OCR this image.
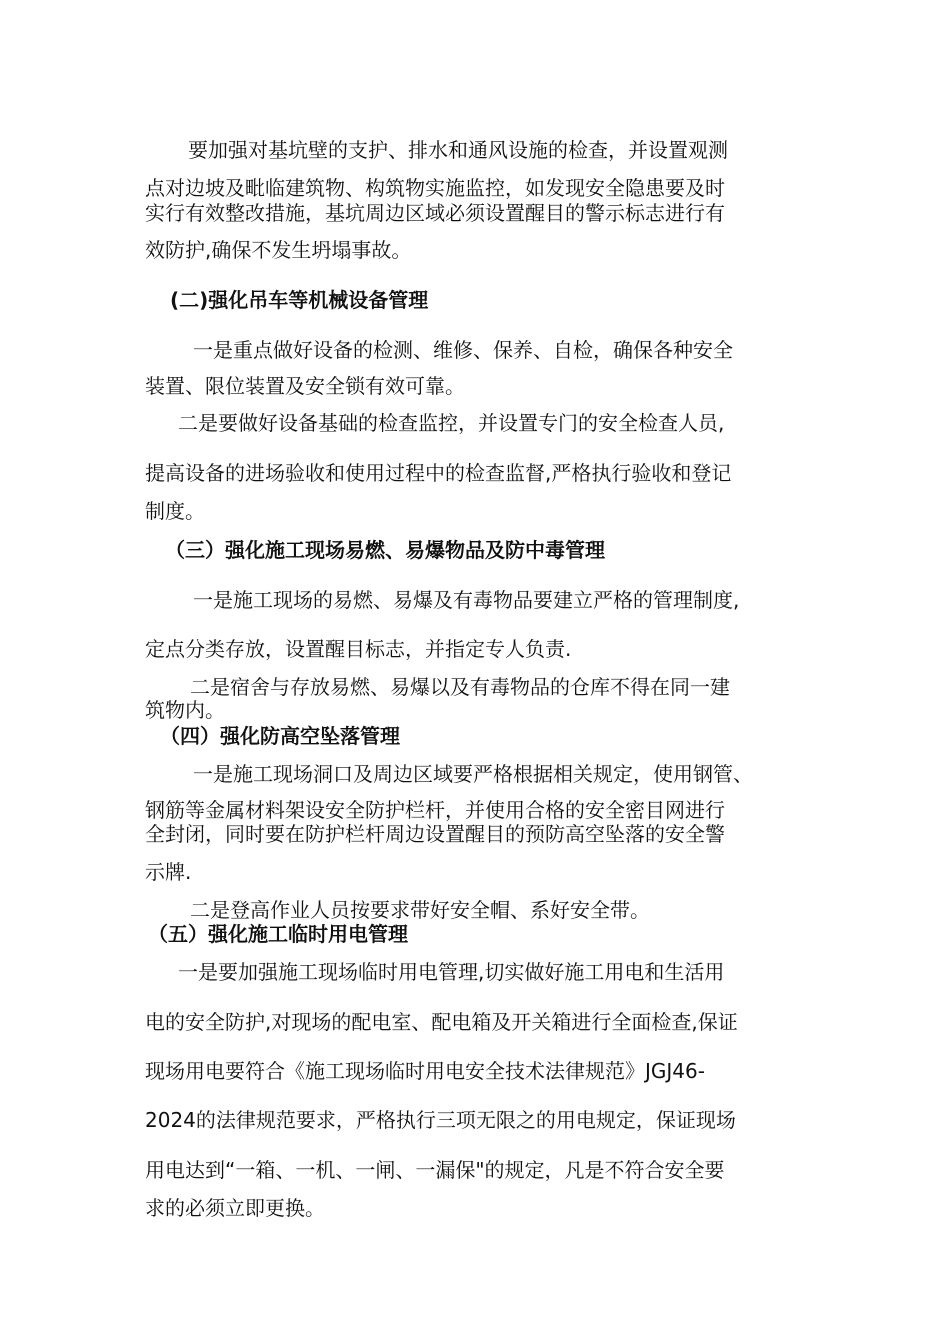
要加强对基坑壁的支护、排水和通风设施的检查，并设置观测

点对边坡及毗临建筑物、构筑物实施监控，如发现安全隐患要及时

实行有效整改措施，基坑周边区域必须设置醒目的警示标志进行有

效防护,确保不发生坍塌事故。

(二)强化吊车等机械设备管理

一是重点做好设备的检测、维修、保养、自检，确保各种安全

装置、限位装置及安全锁有效可靠。

二是要做好设备基础的检查监控，并设置专门的安全检查人员,

提高设备的进场验收和使用过程中的检查监督,严格执行验收和登记

制度。

（三）强化施工现场易燃、易爆物品及防中毒管理

一是施工现场的易燃、易爆及有毒物品要建立严格的管理制度,

定点分类存放，设置醒目标志，并指定专人负责.

二是宿舍与存放易燃、易爆以及有毒物品的仓库不得在同一建

筑物内。

（四）强化防高空坠落管理

一是施工现场洞口及周边区域要严格根据相关规定，使用钢管、

钢筋等金属材料架设安全防护栏杆，并使用合格的安全密目网进行

全封闭，同时要在防护栏杆周边设置醒目的预防高空坠落的安全警

示牌.

二是登高作业人员按要求带好安全帽、系好安全带。

（五）强化施工临时用电管理

一是要加强施工现场临时用电管理,切实做好施工用电和生活用

电的安全防护,对现场的配电室、配电箱及开关箱进行全面检查,保证

现场用电要符合《施工现场临时用电安全技术法律规范》JGJ46-

2024的法律规范要求，严格执行三项无限之的用电规定，保证现场

用电达到“一箱、一机、一闸、一漏保"的规定，凡是不符合安全要

求的必须立即更换。
